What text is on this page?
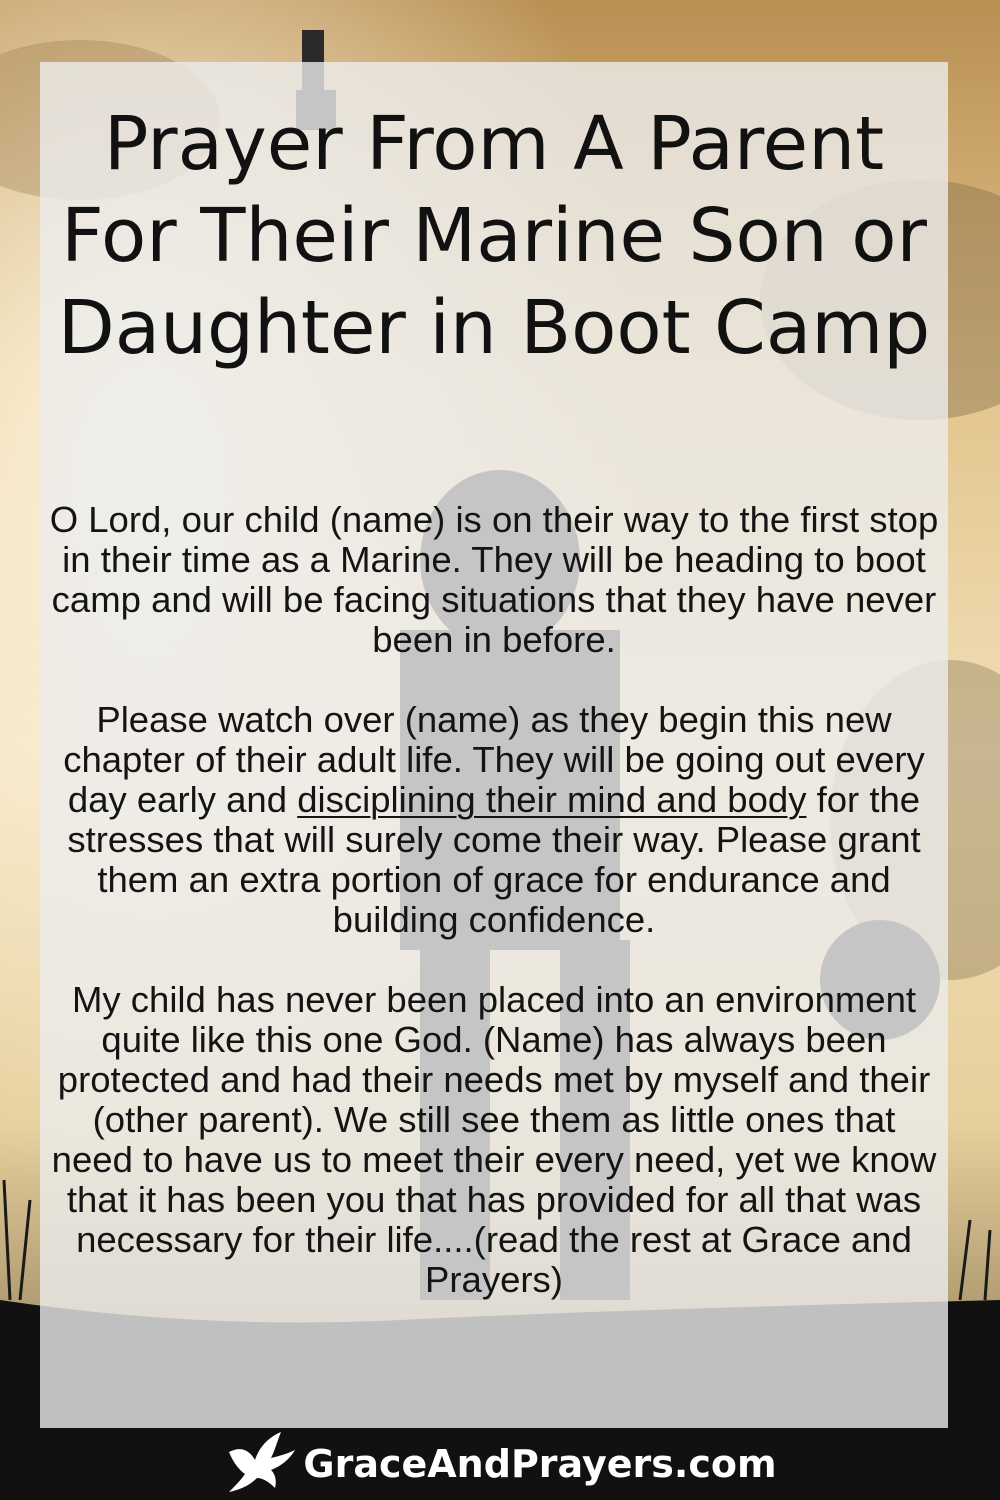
Prayer From A Parent For Their Marine Son or Daughter in Boot Camp

O Lord, our child (name) is on their way to the first stop in their time as a Marine. They will be heading to boot camp and will be facing situations that they have never been in before.

Please watch over (name) as they begin this new chapter of their adult life. They will be going out every day early and disciplining their mind and body for the stresses that will surely come their way. Please grant them an extra portion of grace for endurance and building confidence.

My child has never been placed into an environment quite like this one God. (Name) has always been protected and had their needs met by myself and their (other parent). We still see them as little ones that need to have us to meet their every need, yet we know that it has been you that has provided for all that was necessary for their life....(read the rest at Grace and Prayers)

GraceAndPrayers.com
